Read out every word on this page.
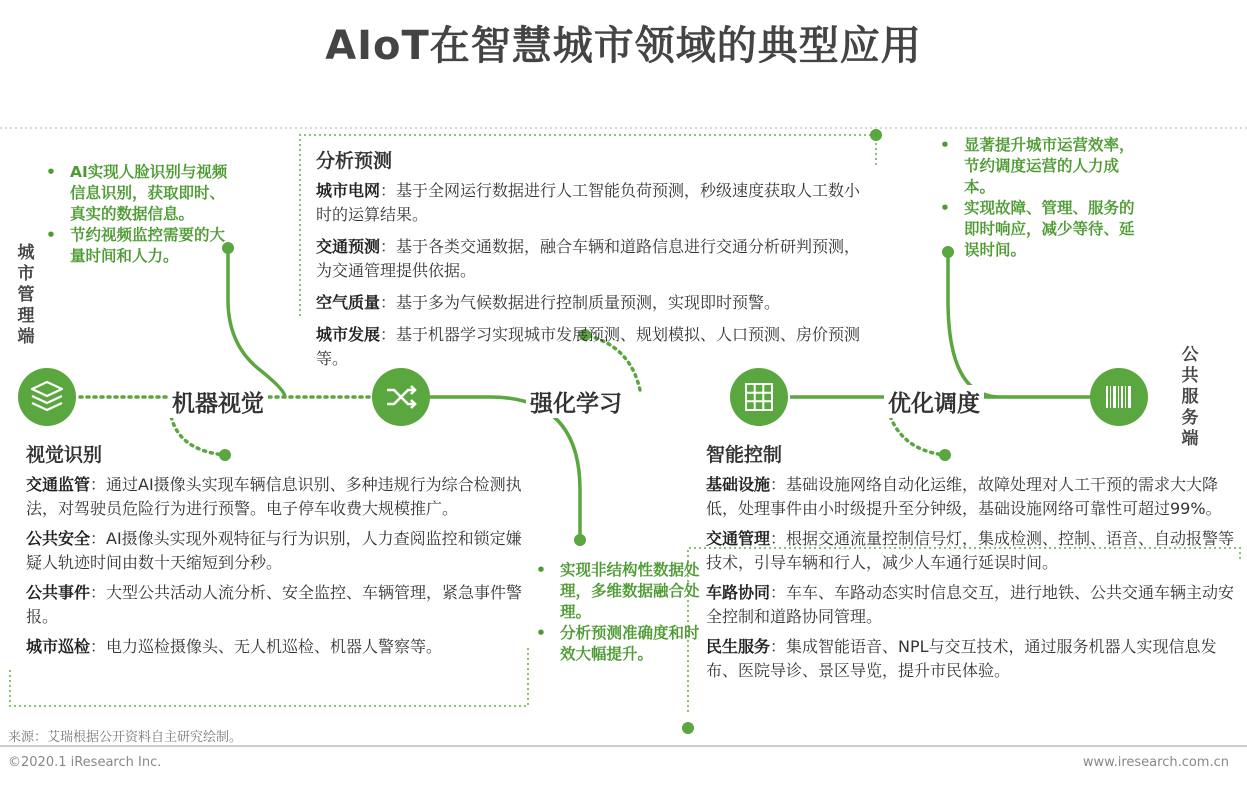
AIoT在智慧城市领域的典型应用
城市管理端
公共服务端
机器视觉	强化学习	优化调度
• AI实现人脸识别与视频信息识别，获取即时、真实的数据信息。
• 节约视频监控需要的大量时间和人力。
• 显著提升城市运营效率，节约调度运营的人力成本。
• 实现故障、管理、服务的即时响应，减少等待、延误时间。
• 实现非结构性数据处理，多维数据融合处理。
• 分析预测准确度和时效大幅提升。
分析预测

城市电网：基于全网运行数据进行人工智能负荷预测，秒级速度获取人工数小时的运算结果。

交通预测：基于各类交通数据，融合车辆和道路信息进行交通分析研判预测，为交通管理提供依据。

空气质量：基于多为气候数据进行控制质量预测，实现即时预警。

城市发展：基于机器学习实现城市发展预测、规划模拟、人口预测、房价预测等。

视觉识别

交通监管：通过AI摄像头实现车辆信息识别、多种违规行为综合检测执法，对驾驶员危险行为进行预警。电子停车收费大规模推广。

公共安全：AI摄像头实现外观特征与行为识别，人力查阅监控和锁定嫌疑人轨迹时间由数十天缩短到分秒。

公共事件：大型公共活动人流分析、安全监控、车辆管理，紧急事件警报。

城市巡检：电力巡检摄像头、无人机巡检、机器人警察等。

智能控制

基础设施：基础设施网络自动化运维，故障处理对人工干预的需求大大降低，处理事件由小时级提升至分钟级，基础设施网络可靠性可超过99%。

交通管理：根据交通流量控制信号灯，集成检测、控制、语音、自动报警等技术，引导车辆和行人，减少人车通行延误时间。

车路协同：车车、车路动态实时信息交互，进行地铁、公共交通车辆主动安全控制和道路协同管理。

民生服务：集成智能语音、NPL与交互技术，通过服务机器人实现信息发布、医院导诊、景区导览，提升市民体验。

来源：艾瑞根据公开资料自主研究绘制。
©2020.1 iResearch Inc.	www.iresearch.com.cn
